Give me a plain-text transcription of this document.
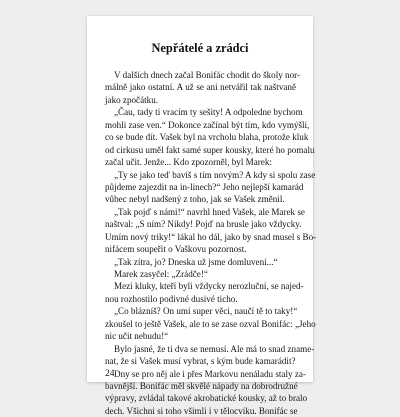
Nepřátelé a zrádci
V dalších dnech začal Bonifác chodit do školy nor-
málně jako ostatní. A už se ani netvářil tak naštvaně
jako zpočátku.
„Čau, tady ti vracím ty sešity! A odpoledne bychom
mohli zase ven.“ Dokonce začínal být tím, kdo vymýšlí,
co se bude dít. Vašek byl na vrcholu blaha, protože kluk
od cirkusu uměl fakt samé super kousky, které ho pomalu
začal učit. Jenže... Kdo zpozorněl, byl Marek:
„Ty se jako teď bavíš s tím novým? A kdy si spolu zase
půjdeme zajezdit na in-linech?“ Jeho nejlepší kamarád
vůbec nebyl nadšený z toho, jak se Vašek změnil.
„Tak pojď s námi!“ navrhl hned Vašek, ale Marek se
naštval: „S ním? Nikdy! Pojď na brusle jako vždycky.
Umím nový triky!“ lákal ho dál, jako by snad musel s Bo-
nifácem soupeřit o Vaškovu pozornost.
„Tak zítra, jo? Dneska už jsme domluvení...“
Marek zasyčel: „Zrádče!“
Mezi kluky, kteří byli vždycky nerozluční, se najed-
nou rozhostilo podivné dusivé ticho.
„Co blázníš? On umí super věci, naučí tě to taky!“
zkoušel to ještě Vašek, ale to se zase ozval Bonifác: „Jeho
nic učit nebudu!“
Bylo jasné, že ti dva se nemusí. Ale má to snad zname-
nat, že si Vašek musí vybrat, s kým bude kamarádit?
Dny se pro něj ale i přes Markovu nenáladu staly za-
bavnější. Bonifác měl skvělé nápady na dobrodružné
výpravy, zvládal takové akrobatické kousky, až to bralo
dech. Všichni si toho všimli i v tělocviku. Bonifác se

24
